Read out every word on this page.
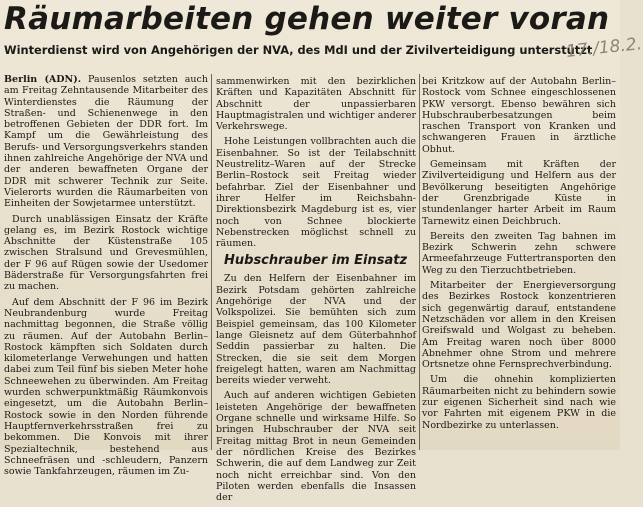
Räumarbeiten gehen weiter voran
Winterdienst wird von Angehörigen der NVA, des MdI und der Zivilverteidigung unterstützt
17./18.2.

Berlin (ADN). Pausenlos setzten auch am Freitag Zehntausende Mitarbeiter des Winterdienstes die Räumung der Straßen- und Schienenwege in den betroffenen Gebieten der DDR fort. Im Kampf um die Gewährleistung des Berufs- und Versorgungsverkehrs standen ihnen zahlreiche Angehörige der NVA und der anderen bewaffneten Organe der DDR mit schwerer Technik zur Seite. Vielerorts wurden die Räumarbeiten von Einheiten der Sowjetarmee unterstützt.

Durch unablässigen Einsatz der Kräfte gelang es, im Bezirk Rostock wichtige Abschnitte der Küstenstraße 105 zwischen Stralsund und Grevesmühlen, der F 96 auf Rügen sowie der Usedomer Bäderstraße für Versorgungsfahrten frei zu machen.

Auf dem Abschnitt der F 96 im Bezirk Neubrandenburg wurde Freitag nachmittag begonnen, die Straße völlig zu räumen. Auf der Autobahn Berlin–Rostock kämpften sich Soldaten durch kilometerlange Verwehungen und hatten dabei zum Teil fünf bis sieben Meter hohe Schneewehen zu überwinden. Am Freitag wurden schwerpunktmäßig Räumkonvois eingesetzt, um die Autobahn Berlin–Rostock sowie in den Norden führende Hauptfernverkehrsstraßen frei zu bekommen. Die Konvois mit ihrer Spezialtechnik, bestehend aus Schneefräsen und -schleudern, Panzern sowie Tankfahrzeugen, räumen im Zu-

sammenwirken mit den bezirklichen Kräften und Kapazitäten Abschnitt für Abschnitt der unpassierbaren Hauptmagistralen und wichtiger anderer Verkehrswege.

Hohe Leistungen vollbrachten auch die Eisenbahner. So ist der Teilabschnitt Neustrelitz–Waren auf der Strecke Berlin–Rostock seit Freitag wieder befahrbar. Ziel der Eisenbahner und ihrer Helfer im Reichsbahn-Direktionsbezirk Magdeburg ist es, vier noch von Schnee blockierte Nebenstrecken möglichst schnell zu räumen.

Hubschrauber im Einsatz

Zu den Helfern der Eisenbahner im Bezirk Potsdam gehörten zahlreiche Angehörige der NVA und der Volkspolizei. Sie bemühten sich zum Beispiel gemeinsam, das 100 Kilometer lange Gleisnetz auf dem Güterbahnhof Seddin passierbar zu halten. Die Strecken, die sie seit dem Morgen freigelegt hatten, waren am Nachmittag bereits wieder verweht.

Auch auf anderen wichtigen Gebieten leisteten Angehörige der bewaffneten Organe schnelle und wirksame Hilfe. So bringen Hubschrauber der NVA seit Freitag mittag Brot in neun Gemeinden der nördlichen Kreise des Bezirkes Schwerin, die auf dem Landweg zur Zeit noch nicht erreichbar sind. Von den Piloten werden ebenfalls die Insassen der

bei Kritzkow auf der Autobahn Berlin–Rostock vom Schnee eingeschlossenen PKW versorgt. Ebenso bewähren sich Hubschrauberbesatzungen beim raschen Transport von Kranken und schwangeren Frauen in ärztliche Obhut.

Gemeinsam mit Kräften der Zivilverteidigung und Helfern aus der Bevölkerung beseitigten Angehörige der Grenzbrigade Küste in stundenlanger harter Arbeit im Raum Tarnewitz einen Deichbruch.

Bereits den zweiten Tag bahnen im Bezirk Schwerin zehn schwere Armeefahrzeuge Futtertransporten den Weg zu den Tierzuchtbetrieben.

Mitarbeiter der Energieversorgung des Bezirkes Rostock konzentrieren sich gegenwärtig darauf, entstandene Netzschäden vor allem in den Kreisen Greifswald und Wolgast zu beheben. Am Freitag waren noch über 8000 Abnehmer ohne Strom und mehrere Ortsnetze ohne Fernsprechverbindung.

Um die ohnehin komplizierten Räumarbeiten nicht zu behindern sowie zur eigenen Sicherheit sind nach wie vor Fahrten mit eigenem PKW in die Nordbezirke zu unterlassen.
